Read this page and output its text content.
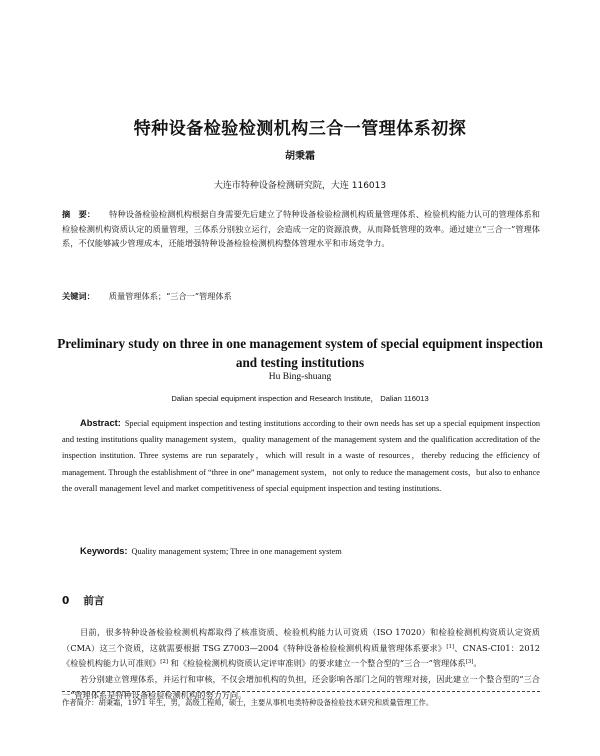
特种设备检验检测机构三合一管理体系初探
胡秉霜
大连市特种设备检测研究院，大连 116013
摘　要： 特种设备检验检测机构根据自身需要先后建立了特种设备检验检测机构质量管理体系、检验机构能力认可的管理体系和检验检测机构资质认定的质量管理，三体系分别独立运行，会造成一定的资源浪费，从而降低管理的效率。通过建立“三合一”管理体系，不仅能够减少管理成本，还能增强特种设备检验检测机构整体管理水平和市场竞争力。
关键词： 质量管理体系；“三合一”管理体系
Preliminary study on three in one management system of special equipment inspection and testing institutions
Hu Bing-shuang
Dalian special equipment inspection and Research Institute， Dalian 116013
Abstract: Special equipment inspection and testing institutions according to their own needs has set up a special equipment inspection and testing institutions quality management system，quality management of the management system and the qualification accreditation of the inspection institution. Three systems are run separately，which will result in a waste of resources，thereby reducing the efficiency of management. Through the establishment of “three in one” management system，not only to reduce the management costs，but also to enhance the overall management level and market competitiveness of special equipment inspection and testing institutions.
Keywords: Quality management system; Three in one management system
0 前言

目前，很多特种设备检验检测机构都取得了核准资质、检验机构能力认可资质（ISO 17020）和检验检测机构资质认定资质（CMA）这三个资质，这就需要根据 TSG Z7003—2004《特种设备检验检测机构质量管理体系要求》[1]、CNAS-CI01：2012《检验机构能力认可准则》[2] 和《检验检测机构资质认定评审准则》的要求建立一个整合型的“三合一”管理体系[3]。

若分别建立管理体系，并运行和审核，不仅会增加机构的负担，还会影响各部门之间的管理对接，因此建立一个整合型的“三合一”管理体系是特种设备检验检测机构的努力方向。

作者简介：胡秉霜，1971 年生，男，高级工程师，硕士，主要从事机电类特种设备检验技术研究和质量管理工作。
